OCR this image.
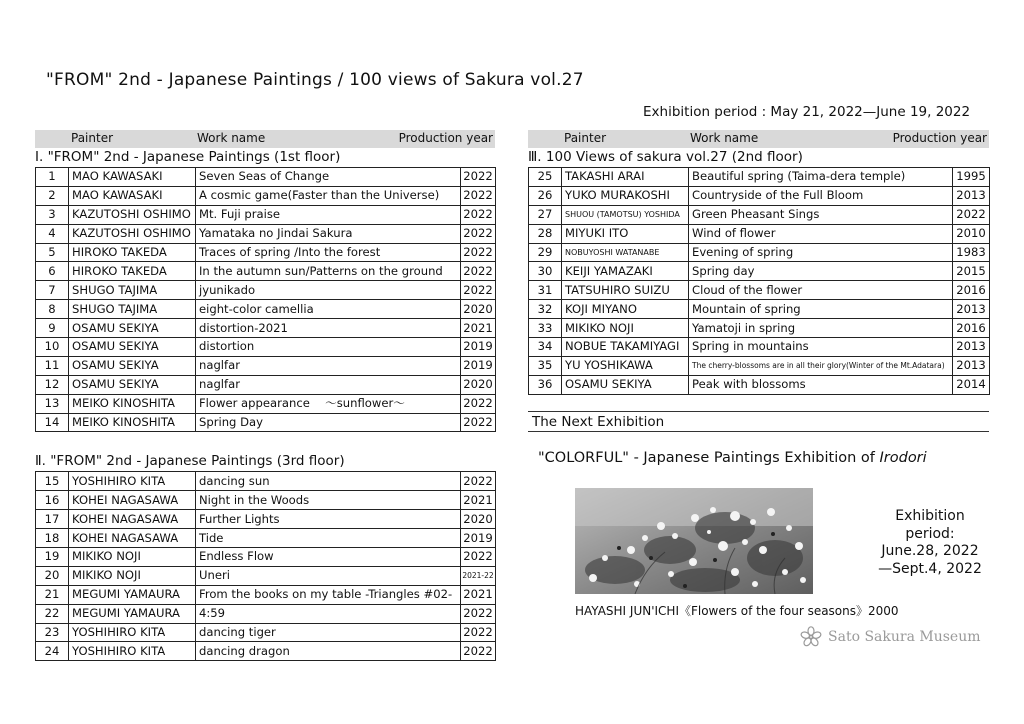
"FROM" 2nd - Japanese Paintings / 100 views of Sakura vol.27
Exhibition period : May 21, 2022—June 19, 2022
Painter	Work name	Production year
Ⅰ. "FROM" 2nd - Japanese Paintings (1st floor)
1	MAO KAWASAKI	Seven Seas of Change	2022
2	MAO KAWASAKI	A cosmic game(Faster than the Universe)	2022
3	KAZUTOSHI OSHIMO	Mt. Fuji praise	2022
4	KAZUTOSHI OSHIMO	Yamataka no Jindai Sakura	2022
5	HIROKO TAKEDA	Traces of spring /Into the forest	2022
6	HIROKO TAKEDA	In the autumn sun/Patterns on the ground	2022
7	SHUGO TAJIMA	jyunikado	2022
8	SHUGO TAJIMA	eight-color camellia	2020
9	OSAMU SEKIYA	distortion-2021	2021
10	OSAMU SEKIYA	distortion	2019
11	OSAMU SEKIYA	naglfar	2019
12	OSAMU SEKIYA	naglfar	2020
13	MEIKO KINOSHITA	Flower appearance 　～sunflower～	2022
14	MEIKO KINOSHITA	Spring Day	2022
Ⅱ. "FROM" 2nd - Japanese Paintings (3rd floor)
15	YOSHIHIRO KITA	dancing sun	2022
16	KOHEI NAGASAWA	Night in the Woods	2021
17	KOHEI NAGASAWA	Further Lights	2020
18	KOHEI NAGASAWA	Tide	2019
19	MIKIKO NOJI	Endless Flow	2022
20	MIKIKO NOJI	Uneri	2021-22
21	MEGUMI YAMAURA	From the books on my table -Triangles #02-	2021
22	MEGUMI YAMAURA	4:59	2022
23	YOSHIHIRO KITA	dancing tiger	2022
24	YOSHIHIRO KITA	dancing dragon	2022
Painter	Work name	Production year
Ⅲ. 100 Views of sakura vol.27 (2nd floor)
25	TAKASHI ARAI	Beautiful spring (Taima-dera temple)	1995
26	YUKO MURAKOSHI	Countryside of the Full Bloom	2013
27	SHUOU (TAMOTSU) YOSHIDA	Green Pheasant Sings	2022
28	MIYUKI ITO	Wind of flower	2010
29	NOBUYOSHI WATANABE	Evening of spring	1983
30	KEIJI YAMAZAKI	Spring day	2015
31	TATSUHIRO SUIZU	Cloud of the flower	2016
32	KOJI MIYANO	Mountain of spring	2013
33	MIKIKO NOJI	Yamatoji in spring	2016
34	NOBUE TAKAMIYAGI	Spring in mountains	2013
35	YU YOSHIKAWA	The cherry-blossoms are in all their glory(Winter of the Mt.Adatara)	2013
36	OSAMU SEKIYA	Peak with blossoms	2014
The Next Exhibition
"COLORFUL" - Japanese Paintings Exhibition of Irodori
HAYASHI JUN'ICHI《Flowers of the four seasons》2000
Exhibition
period:
June.28, 2022
—Sept.4, 2022
Sato Sakura Museum
